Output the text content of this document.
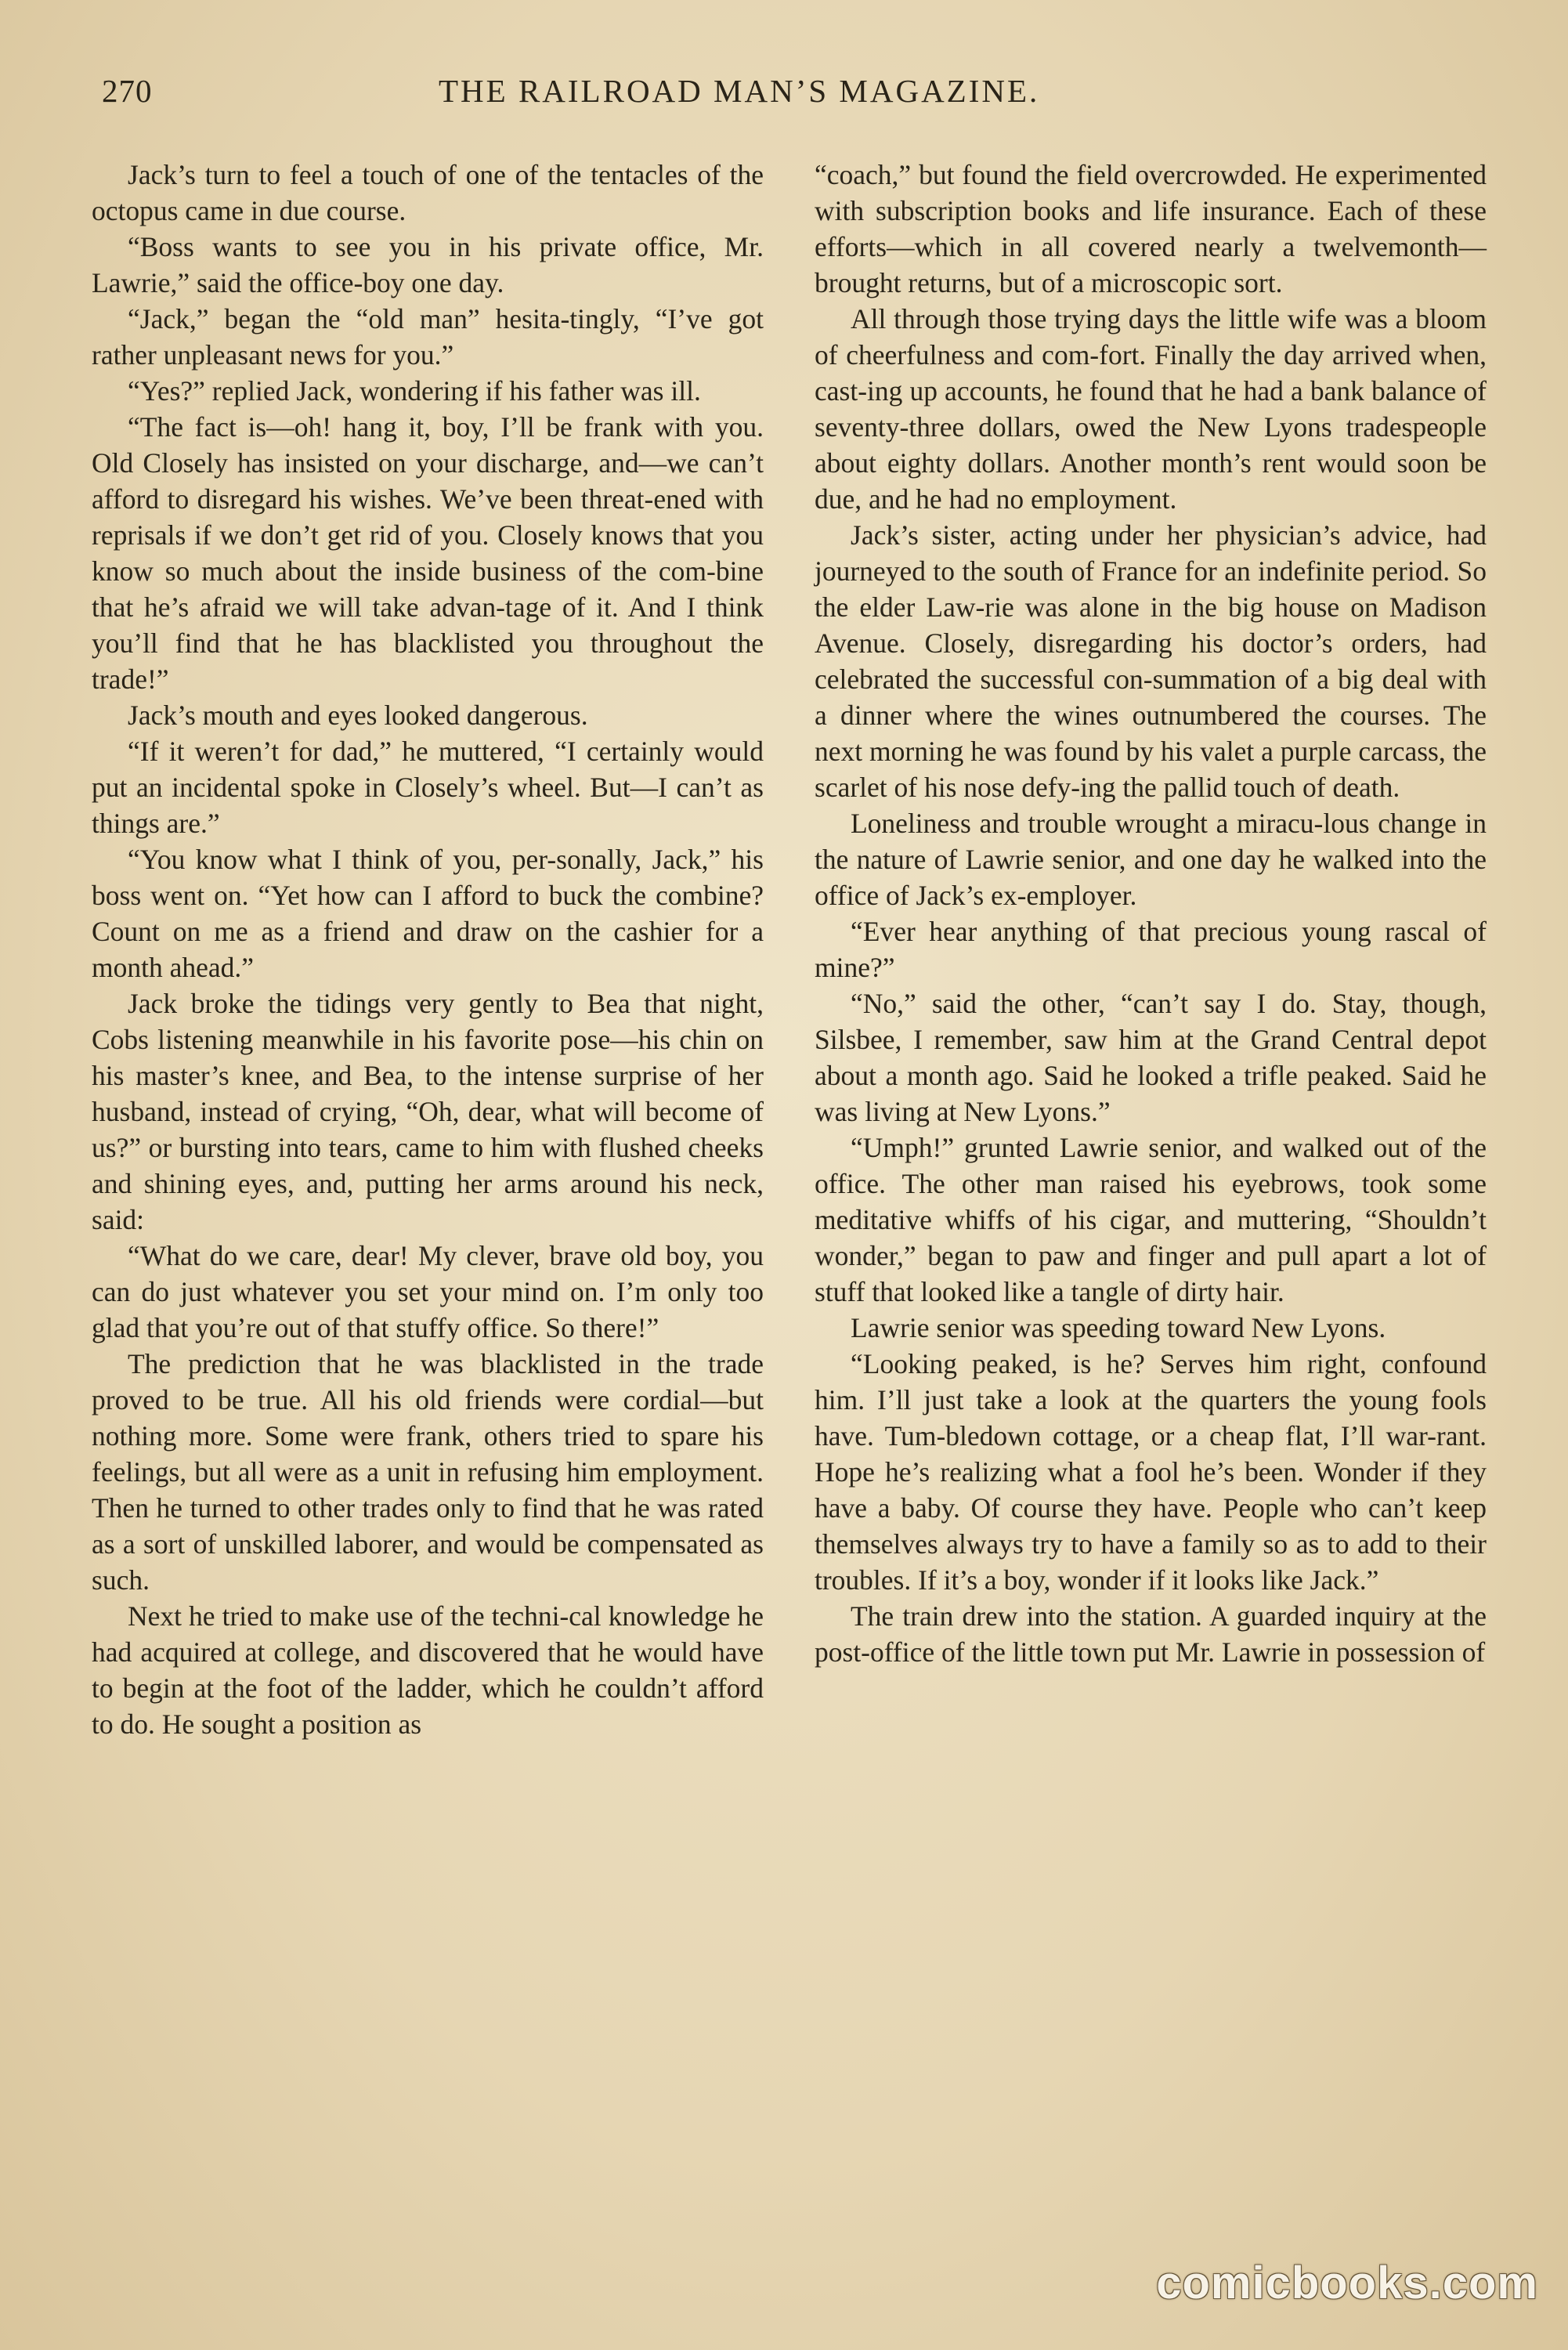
270	THE RAILROAD MAN’S MAGAZINE.

Jack’s turn to feel a touch of one of the tentacles of the octopus came in due course.

“Boss wants to see you in his private office, Mr. Lawrie,” said the office-boy one day.

“Jack,” began the “old man” hesita-tingly, “I’ve got rather unpleasant news for you.”

“Yes?” replied Jack, wondering if his father was ill.

“The fact is—oh! hang it, boy, I’ll be frank with you. Old Closely has insisted on your discharge, and—we can’t afford to disregard his wishes. We’ve been threat-ened with reprisals if we don’t get rid of you. Closely knows that you know so much about the inside business of the com-bine that he’s afraid we will take advan-tage of it. And I think you’ll find that he has blacklisted you throughout the trade!”

Jack’s mouth and eyes looked dangerous.

“If it weren’t for dad,” he muttered, “I certainly would put an incidental spoke in Closely’s wheel. But—I can’t as things are.”

“You know what I think of you, per-sonally, Jack,” his boss went on. “Yet how can I afford to buck the combine? Count on me as a friend and draw on the cashier for a month ahead.”

Jack broke the tidings very gently to Bea that night, Cobs listening meanwhile in his favorite pose—his chin on his master’s knee, and Bea, to the intense surprise of her husband, instead of crying, “Oh, dear, what will become of us?” or bursting into tears, came to him with flushed cheeks and shining eyes, and, putting her arms around his neck, said:

“What do we care, dear! My clever, brave old boy, you can do just whatever you set your mind on. I’m only too glad that you’re out of that stuffy office. So there!”

The prediction that he was blacklisted in the trade proved to be true. All his old friends were cordial—but nothing more. Some were frank, others tried to spare his feelings, but all were as a unit in refusing him employment. Then he turned to other trades only to find that he was rated as a sort of unskilled laborer, and would be compensated as such.

Next he tried to make use of the techni-cal knowledge he had acquired at college, and discovered that he would have to begin at the foot of the ladder, which he couldn’t afford to do. He sought a position as

“coach,” but found the field overcrowded. He experimented with subscription books and life insurance. Each of these efforts—which in all covered nearly a twelvemonth—brought returns, but of a microscopic sort.

All through those trying days the little wife was a bloom of cheerfulness and com-fort. Finally the day arrived when, cast-ing up accounts, he found that he had a bank balance of seventy-three dollars, owed the New Lyons tradespeople about eighty dollars. Another month’s rent would soon be due, and he had no employment.

Jack’s sister, acting under her physician’s advice, had journeyed to the south of France for an indefinite period. So the elder Law-rie was alone in the big house on Madison Avenue. Closely, disregarding his doctor’s orders, had celebrated the successful con-summation of a big deal with a dinner where the wines outnumbered the courses. The next morning he was found by his valet a purple carcass, the scarlet of his nose defy-ing the pallid touch of death.

Loneliness and trouble wrought a miracu-lous change in the nature of Lawrie senior, and one day he walked into the office of Jack’s ex-employer.

“Ever hear anything of that precious young rascal of mine?”

“No,” said the other, “can’t say I do. Stay, though, Silsbee, I remember, saw him at the Grand Central depot about a month ago. Said he looked a trifle peaked. Said he was living at New Lyons.”

“Umph!” grunted Lawrie senior, and walked out of the office. The other man raised his eyebrows, took some meditative whiffs of his cigar, and muttering, “Shouldn’t wonder,” began to paw and finger and pull apart a lot of stuff that looked like a tangle of dirty hair.

Lawrie senior was speeding toward New Lyons.

“Looking peaked, is he? Serves him right, confound him. I’ll just take a look at the quarters the young fools have. Tum-bledown cottage, or a cheap flat, I’ll war-rant. Hope he’s realizing what a fool he’s been. Wonder if they have a baby. Of course they have. People who can’t keep themselves always try to have a family so as to add to their troubles. If it’s a boy, wonder if it looks like Jack.”

The train drew into the station. A guarded inquiry at the post-office of the little town put Mr. Lawrie in possession of

comicbooks.com
